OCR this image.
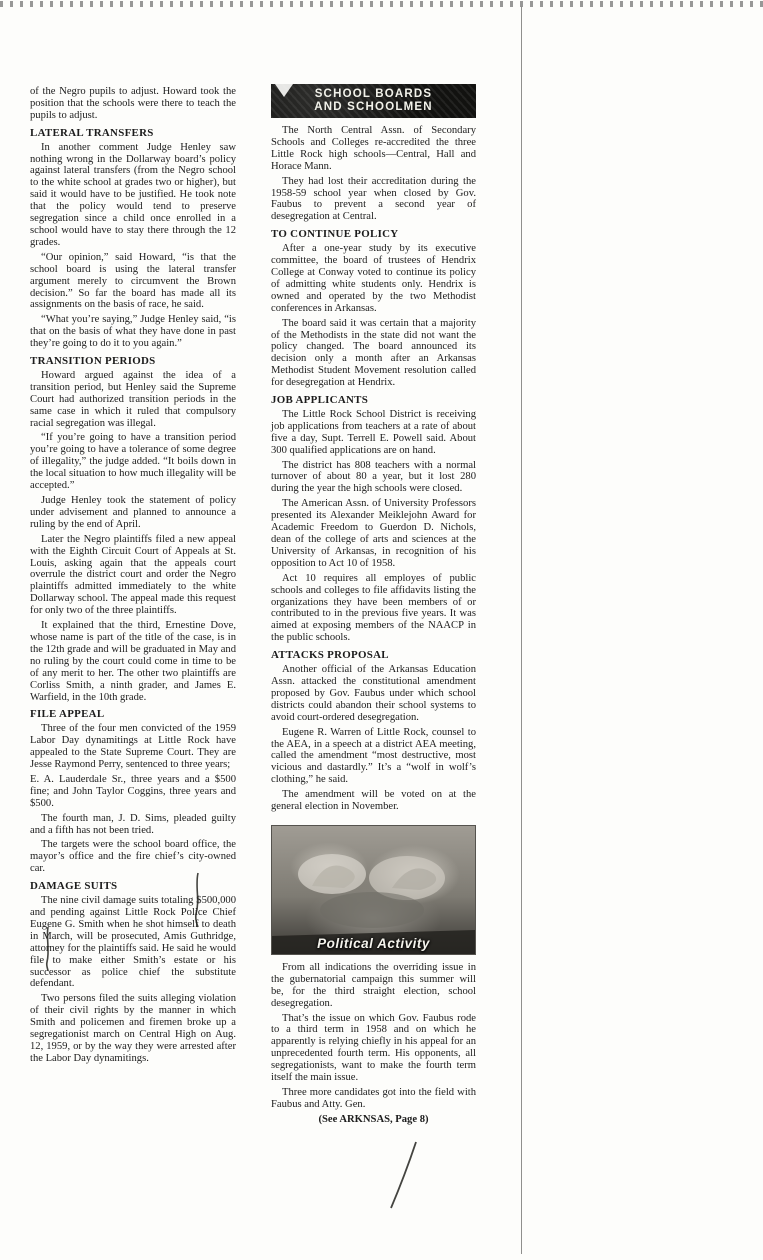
of the Negro pupils to adjust. Howard took the position that the schools were there to teach the pupils to adjust.

LATERAL TRANSFERS

In another comment Judge Henley saw nothing wrong in the Dollarway board’s policy against lateral transfers (from the Negro school to the white school at grades two or higher), but said it would have to be justified. He took note that the policy would tend to preserve segregation since a child once enrolled in a school would have to stay there through the 12 grades.

“Our opinion,” said Howard, “is that the school board is using the lateral transfer argument merely to circumvent the Brown decision.” So far the board has made all its assignments on the basis of race, he said.

“What you’re saying,” Judge Henley said, “is that on the basis of what they have done in past they’re going to do it to you again.”

TRANSITION PERIODS

Howard argued against the idea of a transition period, but Henley said the Supreme Court had authorized transition periods in the same case in which it ruled that compulsory racial segregation was illegal.

“If you’re going to have a transition period you’re going to have a tolerance of some degree of illegality,” the judge added. “It boils down in the local situation to how much illegality will be accepted.”

Judge Henley took the statement of policy under advisement and planned to announce a ruling by the end of April.

Later the Negro plaintiffs filed a new appeal with the Eighth Circuit Court of Appeals at St. Louis, asking again that the appeals court overrule the district court and order the Negro plaintiffs admitted immediately to the white Dollarway school. The appeal made this request for only two of the three plaintiffs.

It explained that the third, Ernestine Dove, whose name is part of the title of the case, is in the 12th grade and will be graduated in May and no ruling by the court could come in time to be of any merit to her. The other two plaintiffs are Corliss Smith, a ninth grader, and James E. Warfield, in the 10th grade.

FILE APPEAL

Three of the four men convicted of the 1959 Labor Day dynamitings at Little Rock have appealed to the State Supreme Court. They are Jesse Raymond Perry, sentenced to three years;

E. A. Lauderdale Sr., three years and a $500 fine; and John Taylor Coggins, three years and $500.

The fourth man, J. D. Sims, pleaded guilty and a fifth has not been tried.

The targets were the school board office, the mayor’s office and the fire chief’s city-owned car.

DAMAGE SUITS

The nine civil damage suits totaling $500,000 and pending against Little Rock Police Chief Eugene G. Smith when he shot himself to death in March, will be prosecuted, Amis Guthridge, attorney for the plaintiffs said. He said he would file to make either Smith’s estate or his successor as police chief the substitute defendant.

Two persons filed the suits alleging violation of their civil rights by the manner in which Smith and policemen and firemen broke up a segregationist march on Central High on Aug. 12, 1959, or by the way they were arrested after the Labor Day dynamitings.

SCHOOL BOARDS
AND SCHOOLMEN

The North Central Assn. of Secondary Schools and Colleges re-accredited the three Little Rock high schools—Central, Hall and Horace Mann.

They had lost their accreditation during the 1958-59 school year when closed by Gov. Faubus to prevent a second year of desegregation at Central.

TO CONTINUE POLICY

After a one-year study by its executive committee, the board of trustees of Hendrix College at Conway voted to continue its policy of admitting white students only. Hendrix is owned and operated by the two Methodist conferences in Arkansas.

The board said it was certain that a majority of the Methodists in the state did not want the policy changed. The board announced its decision only a month after an Arkansas Methodist Student Movement resolution called for desegregation at Hendrix.

JOB APPLICANTS

The Little Rock School District is receiving job applications from teachers at a rate of about five a day, Supt. Terrell E. Powell said. About 300 qualified applications are on hand.

The district has 808 teachers with a normal turnover of about 80 a year, but it lost 280 during the year the high schools were closed.

The American Assn. of University Professors presented its Alexander Meiklejohn Award for Academic Freedom to Guerdon D. Nichols, dean of the college of arts and sciences at the University of Arkansas, in recognition of his opposition to Act 10 of 1958.

Act 10 requires all employes of public schools and colleges to file affidavits listing the organizations they have been members of or contributed to in the previous five years. It was aimed at exposing members of the NAACP in the public schools.

ATTACKS PROPOSAL

Another official of the Arkansas Education Assn. attacked the constitutional amendment proposed by Gov. Faubus under which school districts could abandon their school systems to avoid court-ordered desegregation.

Eugene R. Warren of Little Rock, counsel to the AEA, in a speech at a district AEA meeting, called the amendment “most destructive, most vicious and dastardly.” It’s a “wolf in wolf’s clothing,” he said.

The amendment will be voted on at the general election in November.

Political Activity

From all indications the overriding issue in the gubernatorial campaign this summer will be, for the third straight election, school desegregation.

That’s the issue on which Gov. Faubus rode to a third term in 1958 and on which he apparently is relying chiefly in his appeal for an unprecedented fourth term. His opponents, all segregationists, want to make the fourth term itself the main issue.

Three more candidates got into the field with Faubus and Atty. Gen.

(See ARKNSAS, Page 8)
